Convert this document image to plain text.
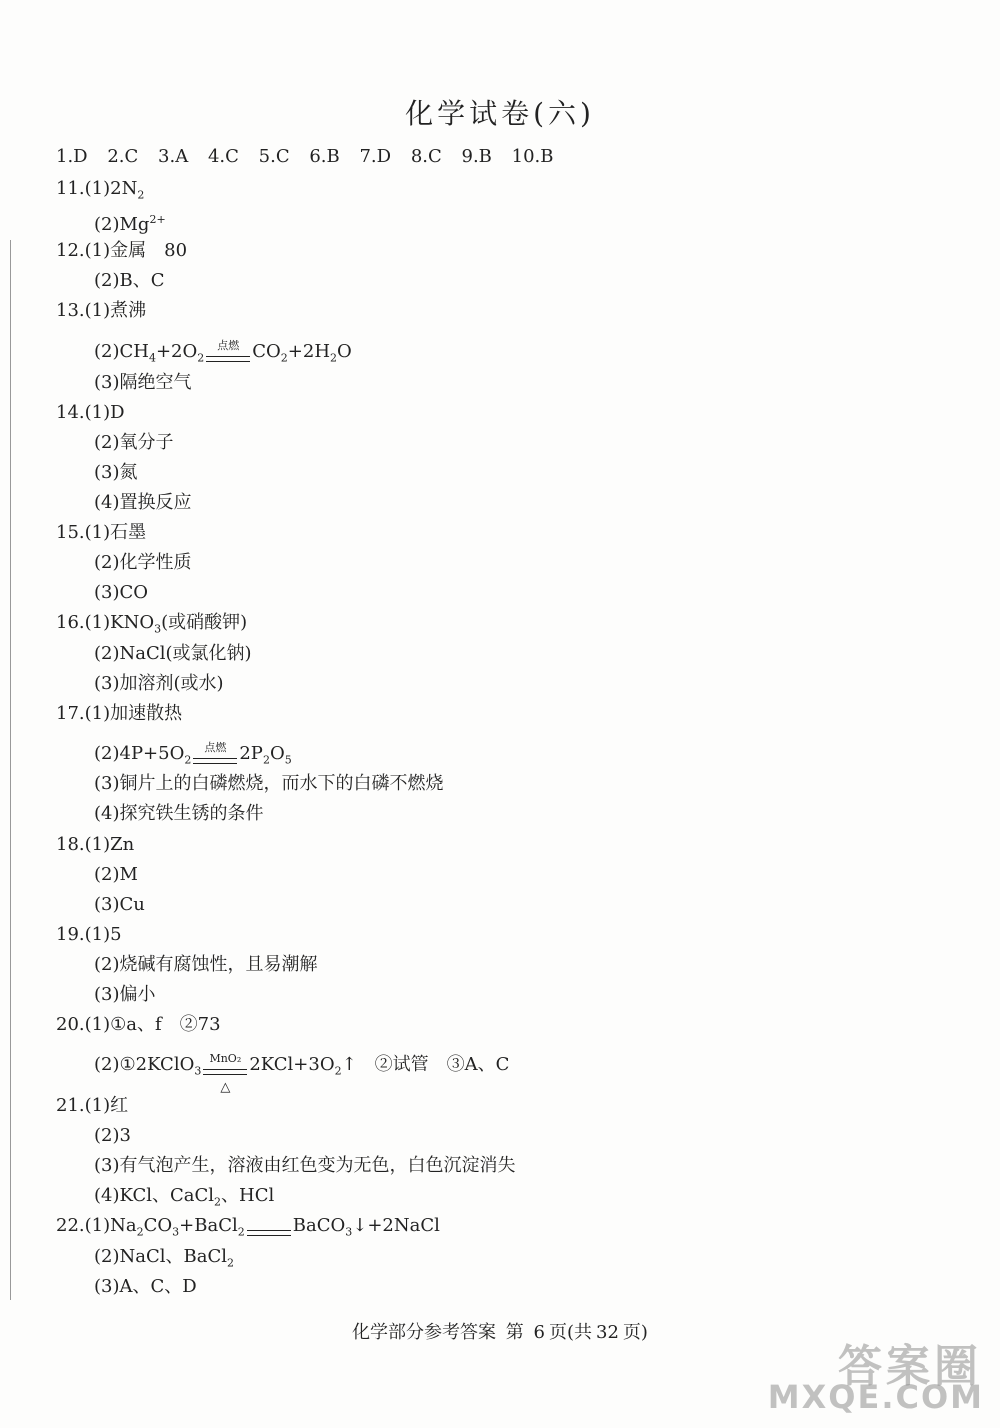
化学试卷(六)
1.D 2.C 3.A 4.C 5.C 6.B 7.D 8.C 9.B 10.B
$11.(1)2N_2$
$(2)Mg^{2+}$
12.(1)金属　80
(2)B、C
13.(1)煮沸
$(2)CH_4+2O_2$
点燃 $CO_2+2H_2O$
(3)隔绝空气
14.(1)D
(2)氧分子
(3)氮
(4)置换反应
15.(1)石墨
(2)化学性质
(3)CO
$16.(1)KNO_3$(或硝酸钾)
(2)NaCl(或氯化钠)
(3)加溶剂(或水)
17.(1)加速散热
$(2)4P+5O_2$
点燃 $2P_2O_5$
(3)铜片上的白磷燃烧，而水下的白磷不燃烧
(4)探究铁生锈的条件
18.(1)Zn
(2)M
(3)Cu
19.(1)5
(2)烧碱有腐蚀性，且易潮解
(3)偏小
20.(1)①a、f　②73
(2)①2KClO$_3$
MnO₂
△
$2KCl+3O_2↑$　②试管　③A、C
21.(1)红
(2)3
(3)有气泡产生，溶液由红色变为无色，白色沉淀消失
(4)KCl、CaCl$_2$、HCl
$22.(1)Na_2CO_3+BaCl_2$	BaCO$_3$↓+2NaCl
(2)NaCl、BaCl$_2$
(3)A、C、D
化学部分参考答案 第 6 页(共 32 页)
答案圈
MXQE.COM
